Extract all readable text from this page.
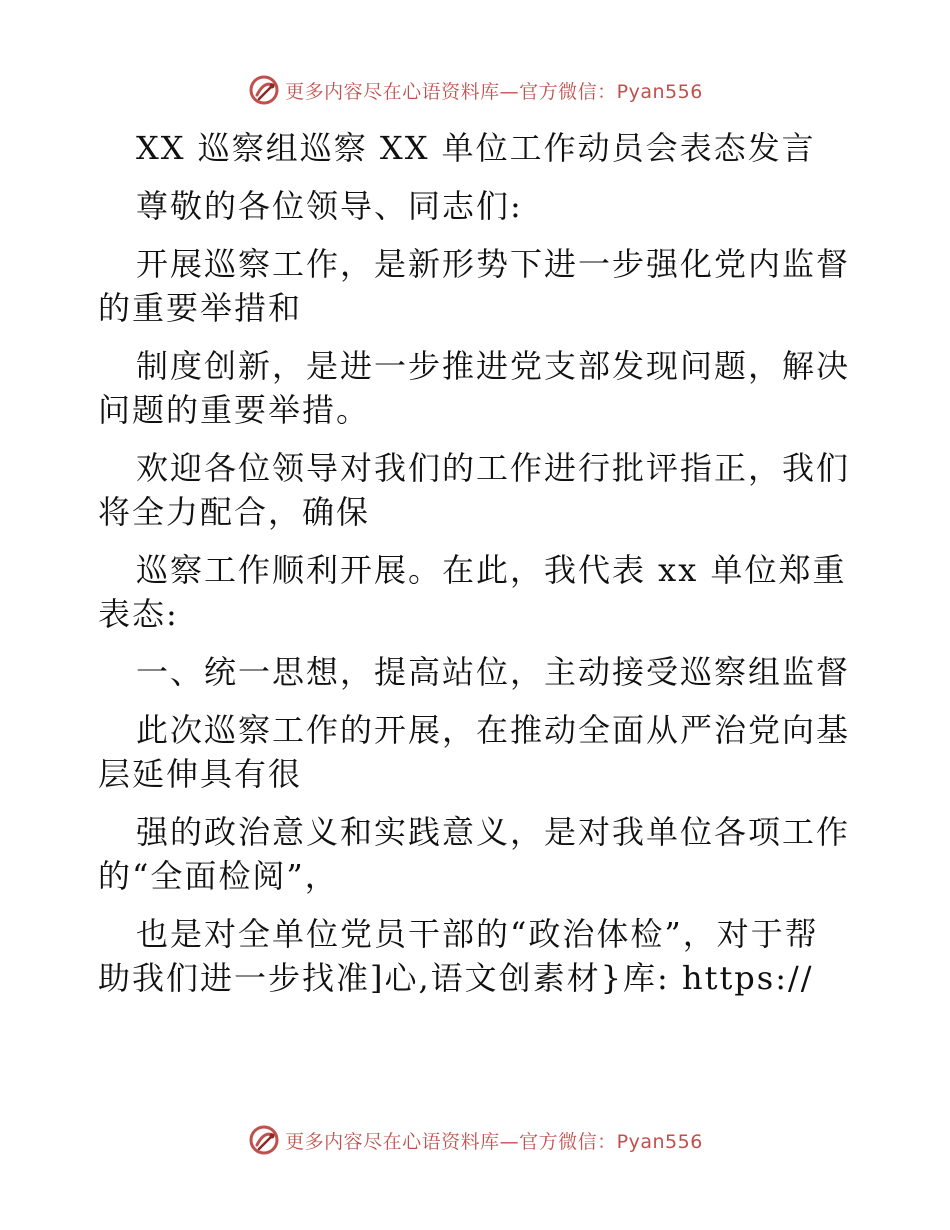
更多内容尽在心语资料库—官方微信：Pyan556
XX 巡察组巡察 XX 单位工作动员会表态发言
尊敬的各位领导、同志们:
开展巡察工作，是新形势下进一步强化党内监督
的重要举措和
制度创新，是进一步推进党支部发现问题，解决
问题的重要举措。
欢迎各位领导对我们的工作进行批评指正，我们
将全力配合，确保
巡察工作顺利开展。在此，我代表 xx 单位郑重
表态:
一、统一思想，提高站位，主动接受巡察组监督
此次巡察工作的开展，在推动全面从严治党向基
层延伸具有很
强的政治意义和实践意义，是对我单位各项工作
的“全面检阅”，
也是对全单位党员干部的“政治体检”，对于帮
助我们进一步找准]心,语文创素材}库: https://
更多内容尽在心语资料库—官方微信：Pyan556
